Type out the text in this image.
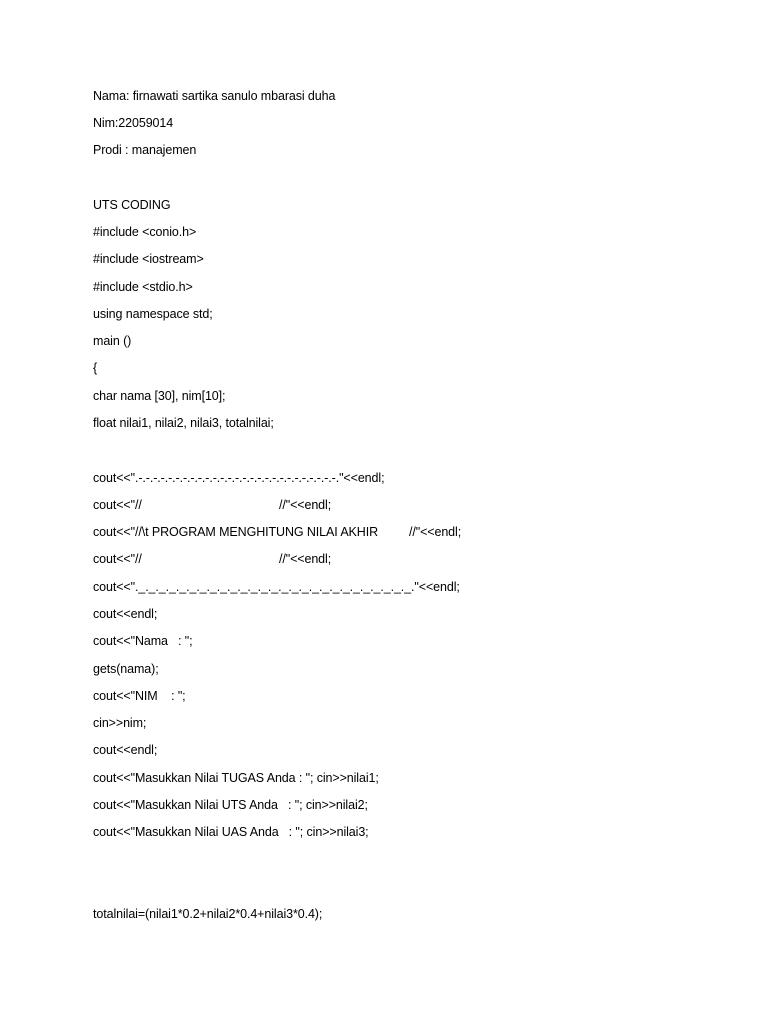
Nama: firnawati sartika sanulo mbarasi duha
Nim:22059014
Prodi : manajemen
UTS CODING
#include <conio.h>
#include <iostream>
#include <stdio.h>
using namespace std;
main ()
{
char nama [30], nim[10];
float nilai1, nilai2, nilai3, totalnilai;
cout<<".-.-.-.-.-.-.-.-.-.-.-.-.-.-.-.-.-.-.-.-.-.-.-.-.-.-.-."<<endl;
cout<<"//	//"<<endl;
cout<<"//\t PROGRAM MENGHITUNG NILAI AKHIR //"<<endl;
cout<<"//	//"<<endl;
cout<<"._._._._._._._._._._._._._._._._._._._._._._._._._._._."<<endl;
cout<<endl;
cout<<"Nama   : ";
gets(nama);
cout<<"NIM    : ";
cin>>nim;
cout<<endl;
cout<<"Masukkan Nilai TUGAS Anda : "; cin>>nilai1;
cout<<"Masukkan Nilai UTS Anda   : "; cin>>nilai2;
cout<<"Masukkan Nilai UAS Anda   : "; cin>>nilai3;
totalnilai=(nilai1*0.2+nilai2*0.4+nilai3*0.4);
